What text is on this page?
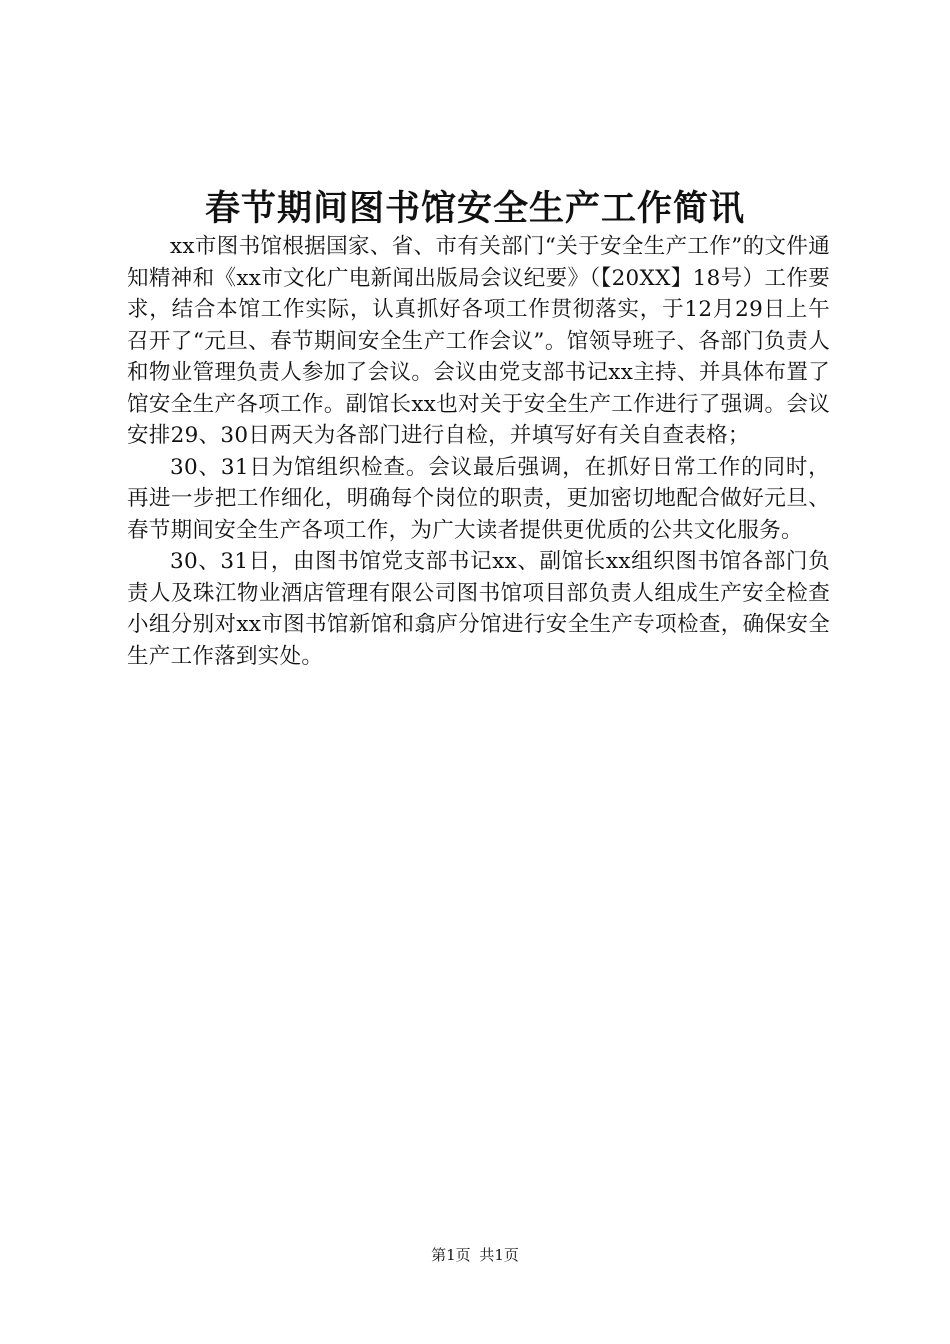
春节期间图书馆安全生产工作简讯

xx市图书馆根据国家、省、市有关部门“关于安全生产工作”的文件通知精神和《xx市文化广电新闻出版局会议纪要》（【20XX】18号）工作要求，结合本馆工作实际，认真抓好各项工作贯彻落实，于12月29日上午召开了“元旦、春节期间安全生产工作会议”。馆领导班子、各部门负责人和物业管理负责人参加了会议。会议由党支部书记xx主持、并具体布置了馆安全生产各项工作。副馆长xx也对关于安全生产工作进行了强调。会议安排29、30日两天为各部门进行自检，并填写好有关自查表格；

30、31日为馆组织检查。会议最后强调，在抓好日常工作的同时，再进一步把工作细化，明确每个岗位的职责，更加密切地配合做好元旦、春节期间安全生产各项工作，为广大读者提供更优质的公共文化服务。

30、31日，由图书馆党支部书记xx、副馆长xx组织图书馆各部门负责人及珠江物业酒店管理有限公司图书馆项目部负责人组成生产安全检查小组分别对xx市图书馆新馆和翕庐分馆进行安全生产专项检查，确保安全生产工作落到实处。

第1页 共1页
